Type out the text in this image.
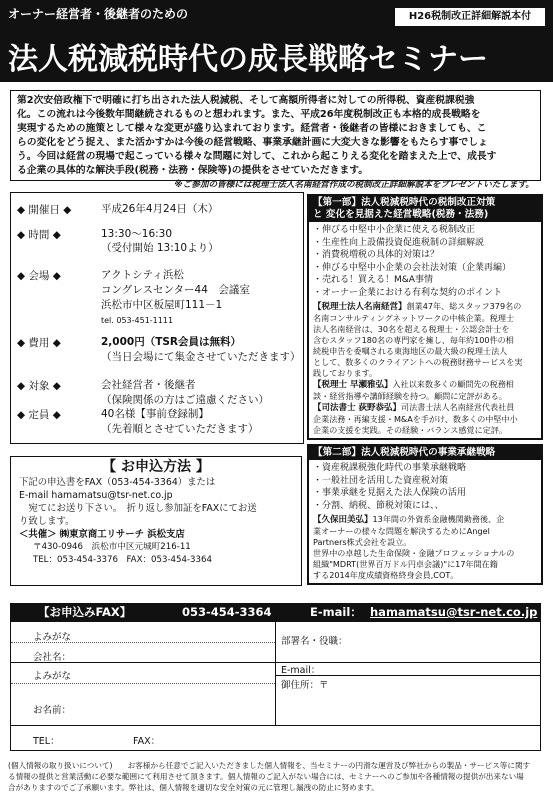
オーナー経営者・後継者のための	H26税制改正詳細解説本付
法人税減税時代の成長戦略セミナー
第2次安倍政権下で明確に打ち出された法人税減税、そして高額所得者に対しての所得税、資産税課税強
化。この流れは今後数年間継続されるものと想われます。また、平成26年度税制改正も本格的成長戦略を
実現するための施策として様々な変更が盛り込まれております。経営者・後継者の皆様におきましても、こ
らの変化をどう捉え、また活かすかは今後の経営戦略、事業承継計画に大変大きな影響をもたらす事でしょ
う。今回は経営の現場で起こっている様々な問題に対して、これから起こりえる変化を踏まえた上で、成長す
る企業の具体的な解決手段(税務・法務・保険等)の提供をさせていただきます。
※ご参加の皆様には税理士法人名南経営作成の税制改正詳細解説本をプレゼントいたします。
◆ 開催日 ◆	平成26年4月24日（木）
◆ 時間 ◆	13:30～16:30
（受付開始 13:10より）
◆ 会場 ◆	アクトシティ浜松
コングレスセンター44　会議室
浜松市中区板屋町111－1
tel. 053-451-1111
◆ 費用 ◆	2,000円（TSR会員は無料）
（当日会場にて集金させていただきます）
◆ 対象 ◆	会社経営者・後継者
（保険関係の方はご遠慮ください）
◆ 定員 ◆	40名様【事前登録制】
（先着順とさせていただきます）
【第一部】法人税減税時代の税制改正対策
と 変化を見据えた経営戦略(税務・法務)
・伸びる中堅中小企業に使える税制改正
・生産性向上設備投資促進税制の詳細解説
・消費税増税の具体的対策は？
・伸びる中堅中小企業の会社法対策（企業再編）
・売れる！買える！M&A事情
・オーナー企業における有利な契約のポイント
【税理士法人名南経営】創業47年、総スタッフ379名の
名南コンサルティングネットワークの中核企業。税理士
法人名南経営は、30名を超える税理士・公認会計士を
含むスタッフ180名の専門家を擁し、毎年約100件の相
続税申告を委嘱される東海地区の最大級の税理士法人
として、数多くのクライアントへの税務財務サービスを実
践しております。
【税理士 早瀬雅弘】入社以来数多くの顧問先の税務相
談・経営指導や講師経験を持つ。顧問に定評がある。
【司法書士 荻野恭弘】司法書士法人名南経営代表社員
企業法務・再編支援・M&Aを手がけ、数多くの中堅中小
企業の支援を実践。その経験・バランス感覚に定評。
【第二部】法人税減税時代の事業承継戦略
・資産税課税強化時代の事業承継戦略
・一般社団を活用した資産税対策
・事業承継を見据えた法人保険の活用
・分割、納税、節税対策には、、
【久保田美弘】13年間の外資系金融機関勤務後、企
業オーナーの様々な問題を解決するためにAngel
Partners株式会社を設立。
世界中の卓越した生命保険・金融プロフェッショナルの
組織"MDRT(世界百万ドル円卓会議)"に17年間在籍
する2014年度成績資格終身会員,COT。
【 お申込方法 】
下記の申込書をFAX（053-454-3364）または
E-mail hamamatsu@tsr-net.co.jp
　宛てにお送り下さい。　折り返し参加証をFAXにてお送
り致します。
＜共催＞ ㈱東京商工リサーチ 浜松支店
〒430-0946　浜松市中区元城町216-11
TEL：053-454-3376　FAX：053-454-3364
【お申込みFAX】	053-454-3364	E-mail： hamamatsu@tsr-net.co.jp
よみがな	部署名・役職：
会社名：
E-mail：
よみがな
御住所：〒
お名前：
TEL：	FAX：
(個人情報の取り扱いについて)　　お客様から任意でご記入いただきました個人情報を、当セミナーの円滑な運営及び弊社からの製品・サービス等に関す
る情報の提供と営業活動に必要な範囲にて利用させて頂きます。個人情報のご記入がない場合には、セミナーへのご参加や各種情報の提供が出来ない場
合がありますのでご了承願います。弊社は、個人情報を適切な安全対策の元に管理し漏洩の防止に努めます。
